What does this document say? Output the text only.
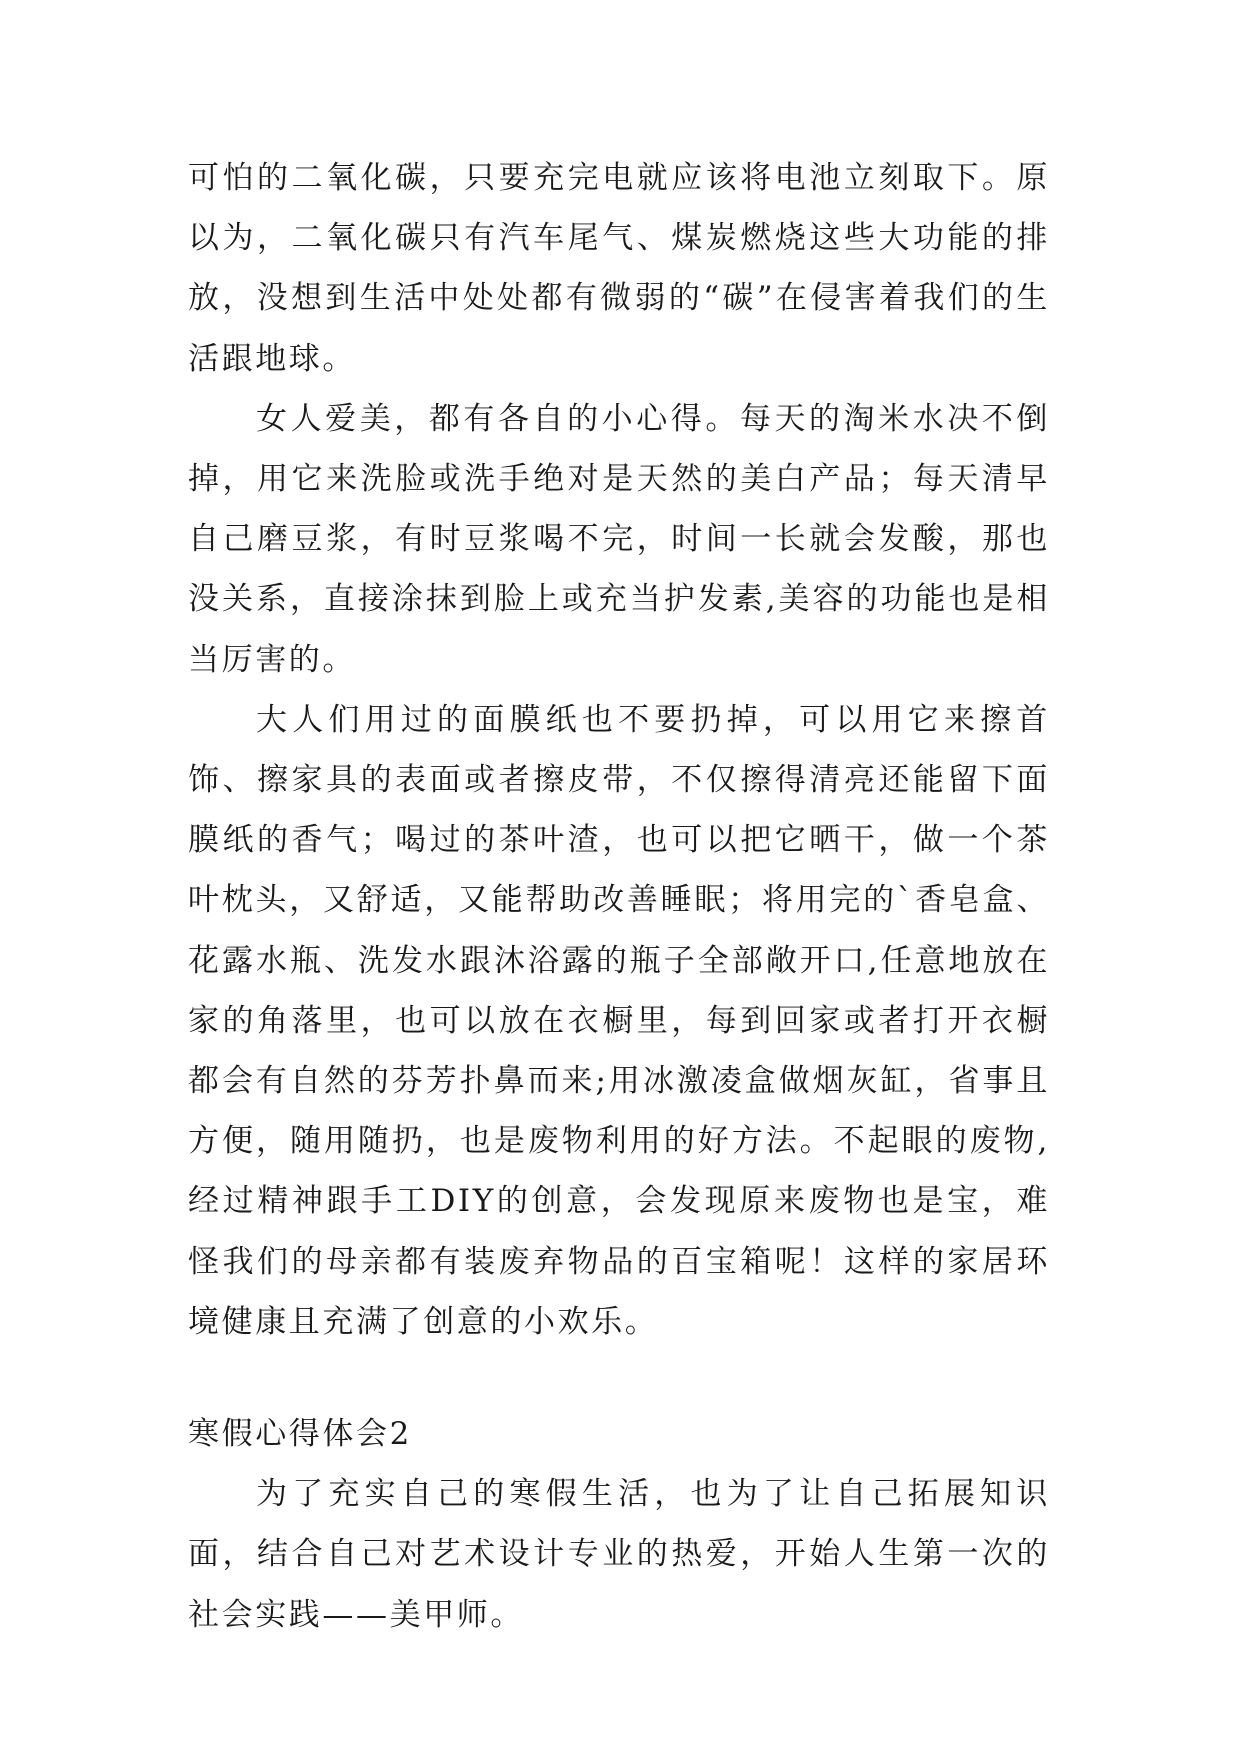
可怕的二氧化碳，只要充完电就应该将电池立刻取下。原以为，二氧化碳只有汽车尾气、煤炭燃烧这些大功能的排放，没想到生活中处处都有微弱的“碳”在侵害着我们的生活跟地球。

女人爱美，都有各自的小心得。每天的淘米水决不倒掉，用它来洗脸或洗手绝对是天然的美白产品；每天清早自己磨豆浆，有时豆浆喝不完，时间一长就会发酸，那也没关系，直接涂抹到脸上或充当护发素,美容的功能也是相当厉害的。

大人们用过的面膜纸也不要扔掉，可以用它来擦首饰、擦家具的表面或者擦皮带，不仅擦得清亮还能留下面膜纸的香气；喝过的茶叶渣，也可以把它晒干，做一个茶叶枕头，又舒适，又能帮助改善睡眠；将用完的`香皂盒、花露水瓶、洗发水跟沐浴露的瓶子全部敞开口,任意地放在家的角落里，也可以放在衣橱里，每到回家或者打开衣橱都会有自然的芬芳扑鼻而来;用冰激凌盒做烟灰缸，省事且方便，随用随扔，也是废物利用的好方法。不起眼的废物,经过精神跟手工DIY的创意，会发现原来废物也是宝，难怪我们的母亲都有装废弃物品的百宝箱呢！这样的家居环境健康且充满了创意的小欢乐。

寒假心得体会2

为了充实自己的寒假生活，也为了让自己拓展知识面，结合自己对艺术设计专业的热爱，开始人生第一次的社会实践——美甲师。
